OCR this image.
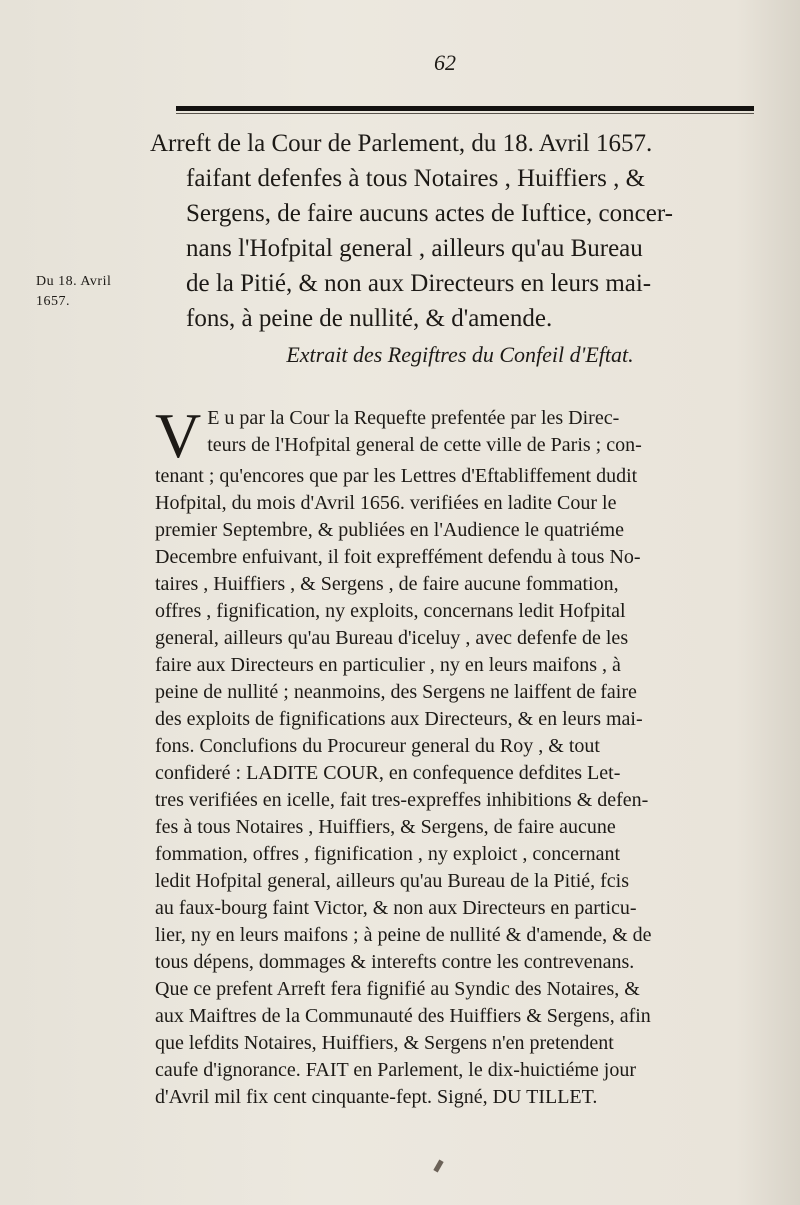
62
Arreft de la Cour de Parlement, du 18. Avril 1657.
faifant defenfes à tous Notaires , Huiffiers , &
Sergens, de faire aucuns actes de Iuftice, concer-
nans l'Hofpital general , ailleurs qu'au Bureau
de la Pitié, & non aux Directeurs en leurs mai-
fons, à peine de nullité, & d'amende.
Du 18. Avril
1657.
Extrait des Regiftres du Confeil d'Eftat.
V E u par la Cour la Requefte prefentée par les Direc-
teurs de l'Hofpital general de cette ville de Paris ; con-
tenant ; qu'encores que par les Lettres d'Eftabliffement dudit
Hofpital, du mois d'Avril 1656. verifiées en ladite Cour le
premier Septembre, & publiées en l'Audience le quatriéme
Decembre enfuivant, il foit expreffément defendu à tous No-
taires , Huiffiers , & Sergens , de faire aucune fommation,
offres , fignification, ny exploits, concernans ledit Hofpital
general, ailleurs qu'au Bureau d'iceluy , avec defenfe de les
faire aux Directeurs en particulier , ny en leurs maifons , à
peine de nullité ; neanmoins, des Sergens ne laiffent de faire
des exploits de fignifications aux Directeurs, & en leurs mai-
fons. Conclufions du Procureur general du Roy , & tout
confideré : LADITE COUR, en confequence defdites Let-
tres verifiées en icelle, fait tres-expreffes inhibitions & defen-
fes à tous Notaires , Huiffiers, & Sergens, de faire aucune
fommation, offres , fignification , ny exploict , concernant
ledit Hofpital general, ailleurs qu'au Bureau de la Pitié, fcis
au faux-bourg faint Victor, & non aux Directeurs en particu-
lier, ny en leurs maifons ; à peine de nullité & d'amende, & de
tous dépens, dommages & interefts contre les contrevenans.
Que ce prefent Arreft fera fignifié au Syndic des Notaires, &
aux Maiftres de la Communauté des Huiffiers & Sergens, afin
que lefdits Notaires, Huiffiers, & Sergens n'en pretendent
caufe d'ignorance. FAIT en Parlement, le dix-huictiéme jour
d'Avril mil fix cent cinquante-fept. Signé, DU TILLET.
